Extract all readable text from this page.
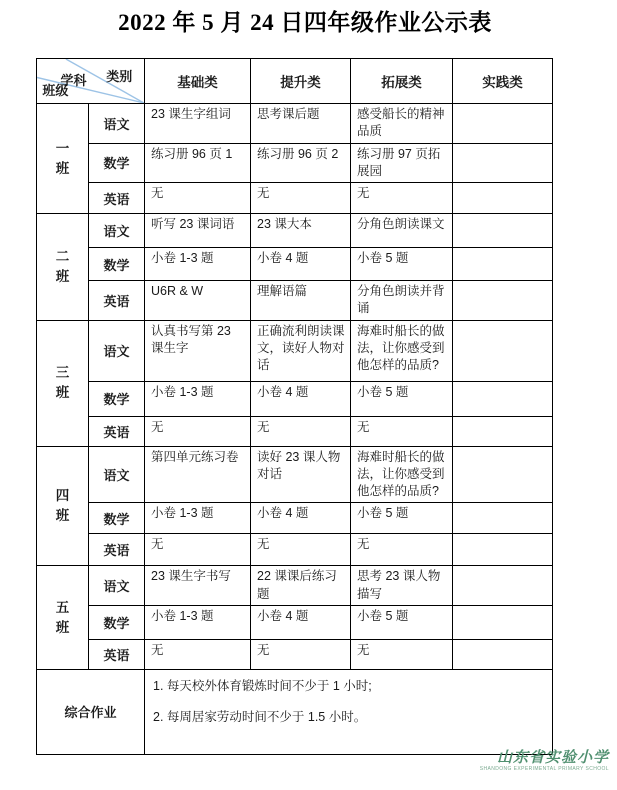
2022 年 5 月 24 日四年级作业公示表
学科 类别
班级		基础类	提升类	拓展类	实践类
一班	语文	23 课生字组词	思考课后题	感受船长的精神品质	
	数学	练习册 96 页 1	练习册 96 页 2	练习册 97 页拓展园	
	英语	无	无	无	
二班	语文	听写 23 课词语	23 课大本	分角色朗读课文	
	数学	小卷 1-3 题	小卷 4 题	小卷 5 题	
	英语	U6R & W	理解语篇	分角色朗读并背诵	
三班	语文	认真书写第 23 课生字	正确流利朗读课文，读好人物对话	海难时船长的做法，让你感受到他怎样的品质?	
	数学	小卷 1-3 题	小卷 4 题	小卷 5 题	
	英语	无	无	无	
四班	语文	第四单元练习卷	读好 23 课人物对话	海难时船长的做法，让你感受到他怎样的品质?	
	数学	小卷 1-3 题	小卷 4 题	小卷 5 题	
	英语	无	无	无	
五班	语文	23 课生字书写	22 课课后练习题	思考 23 课人物描写	
	数学	小卷 1-3 题	小卷 4 题	小卷 5 题	
	英语	无	无	无	
综合作业		1. 每天校外体育锻炼时间不少于 1 小时;
2. 每周居家劳动时间不少于 1.5 小时。			
山东省实验小学
SHANDONG EXPERIMENTAL PRIMARY SCHOOL
